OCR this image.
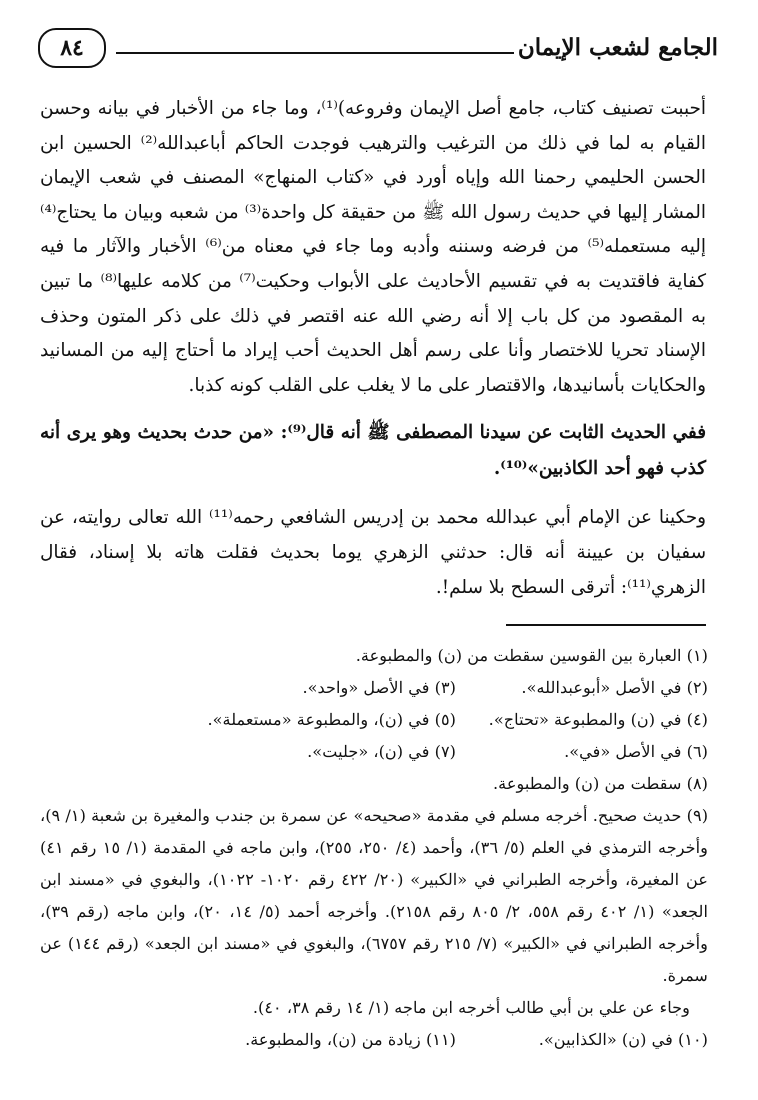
الجامع لشعب الإيمان
٨٤

أحببت تصنيف كتاب، جامع أصل الإيمان وفروعه)⁽¹⁾، وما جاء من الأخبار في بيانه وحسن القيام به لما في ذلك من الترغيب والترهيب فوجدت الحاكم أباعبدالله⁽²⁾ الحسين ابن الحسن الحليمي رحمنا الله وإياه أورد في «كتاب المنهاج» المصنف في شعب الإيمان المشار إليها في حديث رسول الله ﷺ من حقيقة كل واحدة⁽³⁾ من شعبه وبيان ما يحتاج⁽⁴⁾ إليه مستعمله⁽⁵⁾ من فرضه وسننه وأدبه وما جاء في معناه من⁽⁶⁾ الأخبار والآثار ما فيه كفاية فاقتديت به في تقسيم الأحاديث على الأبواب وحكيت⁽⁷⁾ من كلامه عليها⁽⁸⁾ ما تبين به المقصود من كل باب إلا أنه رضي الله عنه اقتصر في ذلك على ذكر المتون وحذف الإسناد تحريا للاختصار وأنا على رسم أهل الحديث أحب إيراد ما أحتاج إليه من المسانيد والحكايات بأسانيدها، والاقتصار على ما لا يغلب على القلب كونه كذبا.

ففي الحديث الثابت عن سيدنا المصطفى ﷺ أنه قال⁽⁹⁾: «من حدث بحديث وهو يرى أنه كذب فهو أحد الكاذبين»⁽¹⁰⁾.

وحكينا عن الإمام أبي عبدالله محمد بن إدريس الشافعي رحمه⁽¹¹⁾ الله تعالى روايته، عن سفيان بن عيينة أنه قال: حدثني الزهري يوما بحديث فقلت هاته بلا إسناد، فقال الزهري⁽¹¹⁾: أترقى السطح بلا سلم!.

(١) العبارة بين القوسين سقطت من (ن) والمطبوعة.

(٢) في الأصل «أبوعبدالله».
(٣) في الأصل «واحد».
(٤) في (ن) والمطبوعة «تحتاج».
(٥) في (ن)، والمطبوعة «مستعملة».
(٦) في الأصل «في».
(٧) في (ن)، «جليت».

(٨) سقطت من (ن) والمطبوعة.

(٩) حديث صحيح. أخرجه مسلم في مقدمة «صحيحه» عن سمرة بن جندب والمغيرة بن شعبة (١/ ٩)، وأخرجه الترمذي في العلم (٥/ ٣٦)، وأحمد (٤/ ٢٥٠، ٢٥٥)، وابن ماجه في المقدمة (١/ ١٥ رقم ٤١) عن المغيرة، وأخرجه الطبراني في «الكبير» (٢٠/ ٤٢٢ رقم ١٠٢٠- ١٠٢٢)، والبغوي في «مسند ابن الجعد» (١/ ٤٠٢ رقم ٥٥٨، ٢/ ٨٠٥ رقم ٢١٥٨). وأخرجه أحمد (٥/ ١٤، ٢٠)، وابن ماجه (رقم ٣٩)، وأخرجه الطبراني في «الكبير» (٧/ ٢١٥ رقم ٦٧٥٧)، والبغوي في «مسند ابن الجعد» (رقم ١٤٤) عن سمرة.

وجاء عن علي بن أبي طالب أخرجه ابن ماجه (١/ ١٤ رقم ٣٨، ٤٠).

(١٠) في (ن) «الكذابين».
(١١) زيادة من (ن)، والمطبوعة.
